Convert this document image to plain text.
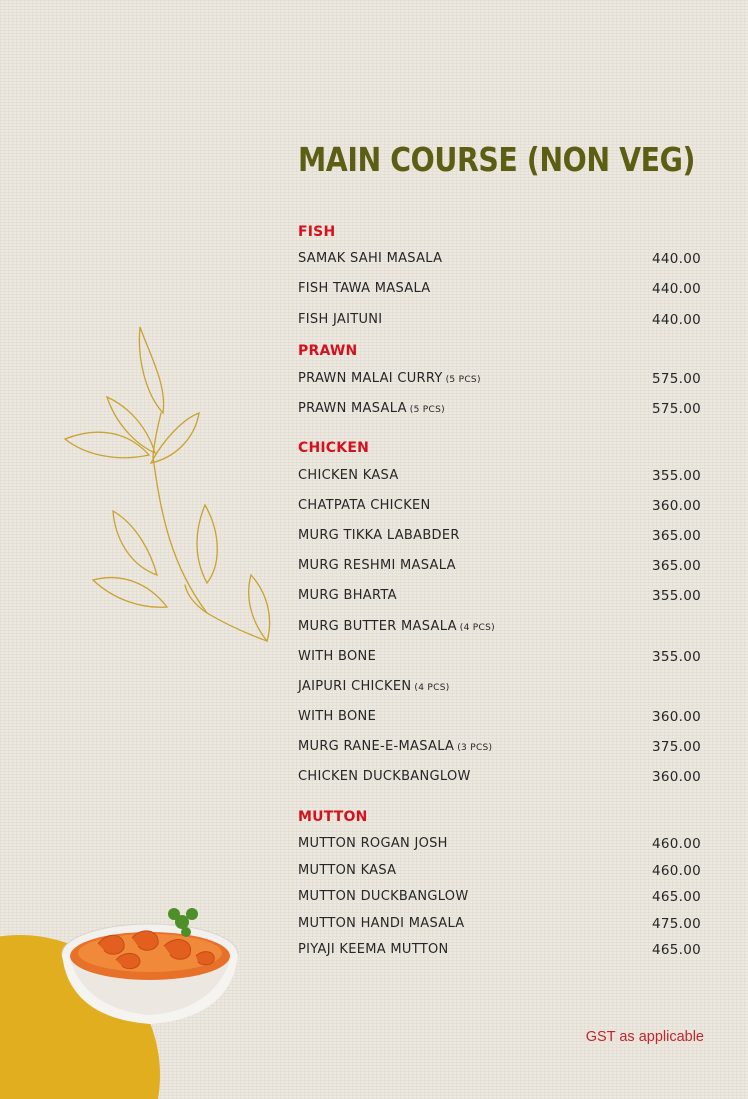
MAIN COURSE (NON VEG)
FISH
SAMAK SAHI MASALA	440.00
FISH TAWA MASALA	440.00
FISH JAITUNI	440.00
PRAWN
PRAWN MALAI CURRY (5 PCS)	575.00
PRAWN MASALA (5 PCS)	575.00
CHICKEN
CHICKEN KASA	355.00
CHATPATA CHICKEN	360.00
MURG TIKKA LABABDER	365.00
MURG RESHMI MASALA	365.00
MURG BHARTA	355.00
MURG BUTTER MASALA (4 PCS)
WITH BONE	355.00
JAIPURI CHICKEN (4 PCS)
WITH BONE	360.00
MURG RANE-E-MASALA (3 PCS)	375.00
CHICKEN DUCKBANGLOW	360.00
MUTTON
MUTTON ROGAN JOSH	460.00
MUTTON KASA	460.00
MUTTON DUCKBANGLOW	465.00
MUTTON HANDI MASALA	475.00
PIYAJI KEEMA MUTTON	465.00
GST as applicable
